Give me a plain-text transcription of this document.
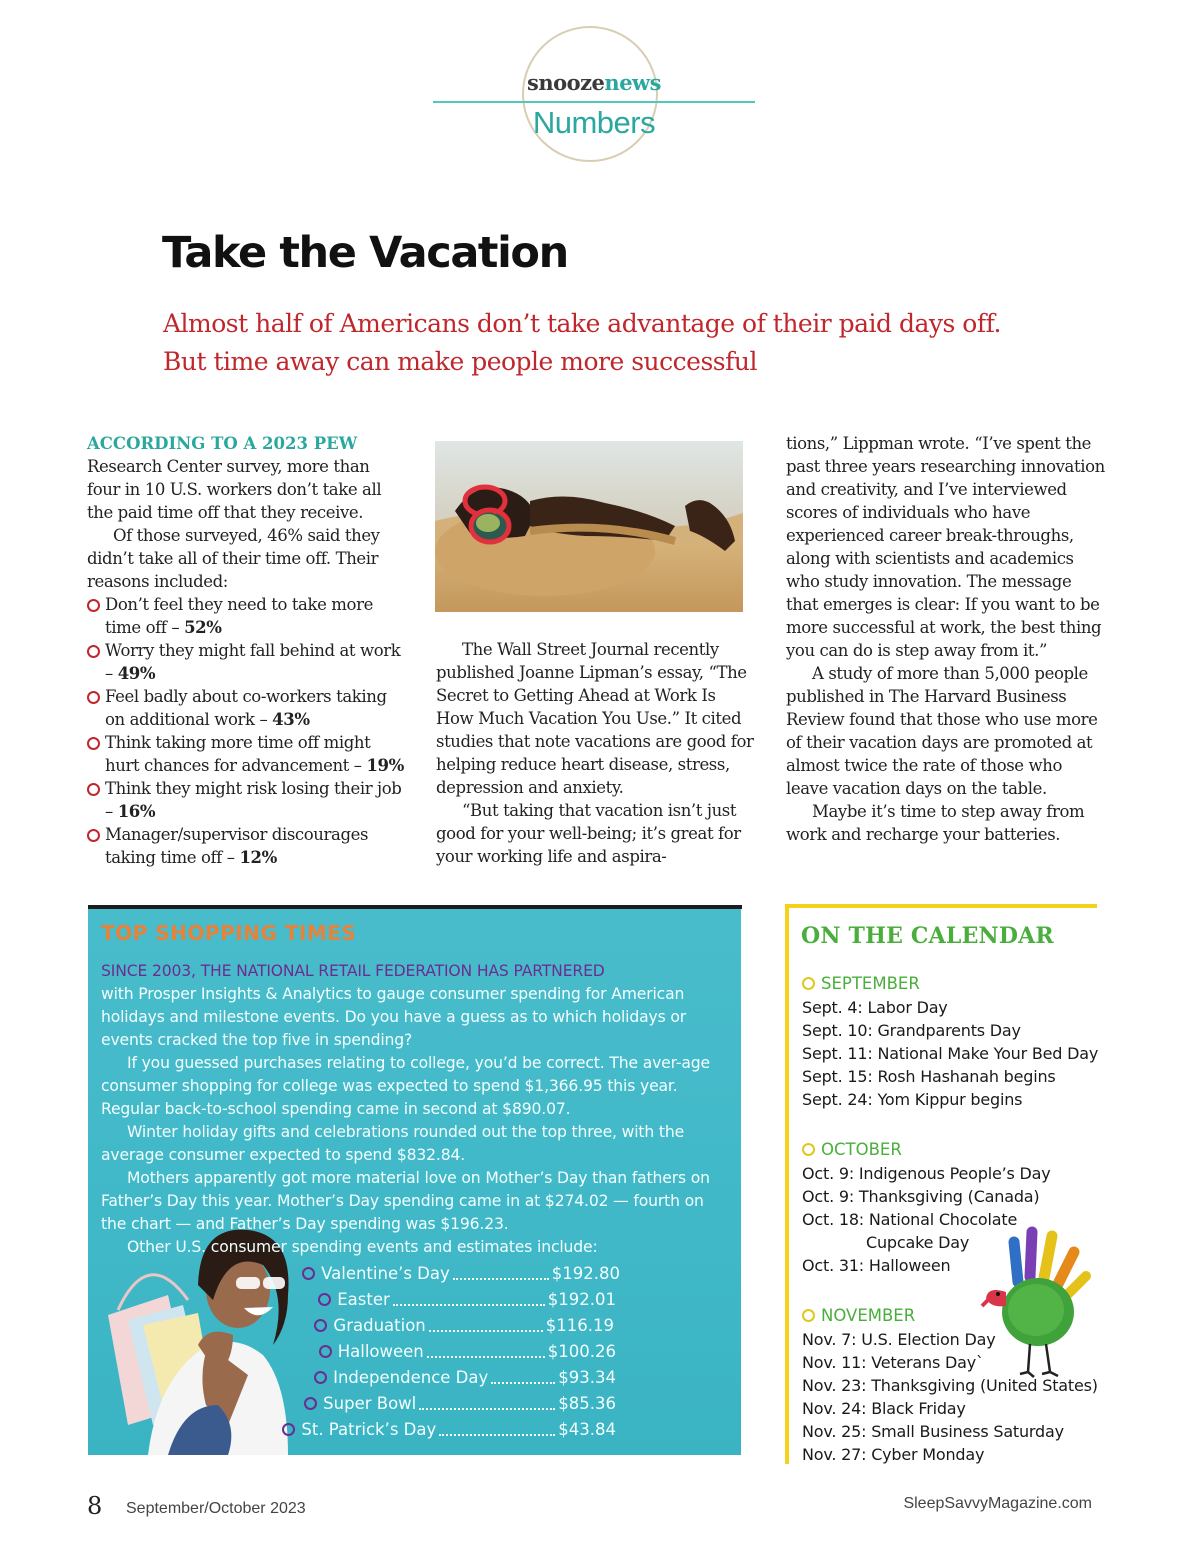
snoozenews
Numbers
Take the Vacation
Almost half of Americans don’t take advantage of their paid days off.
But time away can make people more successful

ACCORDING TO A 2023 PEW
Research Center survey, more than four in 10 U.S. workers don’t take all the paid time off that they receive.

Of those surveyed, 46% said they didn’t take all of their time off. Their reasons included:

Don’t feel they need to take more time off – 52%
Worry they might fall behind at work – 49%
Feel badly about co-workers taking on additional work – 43%
Think taking more time off might hurt chances for advancement – 19%
Think they might risk losing their job – 16%
Manager/supervisor discourages taking time off – 12%

The Wall Street Journal recently published Joanne Lipman’s essay, “The Secret to Getting Ahead at Work Is How Much Vacation You Use.” It cited studies that note vacations are good for helping reduce heart disease, stress, depression and anxiety.

“But taking that vacation isn’t just good for your well-being; it’s great for your working life and aspira-

tions,” Lippman wrote. “I’ve spent the past three years researching innovation and creativity, and I’ve interviewed scores of individuals who have experienced career break-throughs, along with scientists and academics who study innovation. The message that emerges is clear: If you want to be more successful at work, the best thing you can do is step away from it.”

A study of more than 5,000 people published in The Harvard Business Review found that those who use more of their vacation days are promoted at almost twice the rate of those who leave vacation days on the table.

Maybe it’s time to step away from work and recharge your batteries.

TOP SHOPPING TIMES

SINCE 2003, THE NATIONAL RETAIL FEDERATION HAS PARTNERED
with Prosper Insights & Analytics to gauge consumer spending for American holidays and milestone events. Do you have a guess as to which holidays or events cracked the top five in spending?

If you guessed purchases relating to college, you’d be correct. The aver-age consumer shopping for college was expected to spend $1,366.95 this year. Regular back-to-school spending came in second at $890.07.

Winter holiday gifts and celebrations rounded out the top three, with the average consumer expected to spend $832.84.

Mothers apparently got more material love on Mother’s Day than fathers on Father’s Day this year. Mother’s Day spending came in at $274.02 — fourth on the chart — and Father’s Day spending was $196.23.

Other U.S. consumer spending events and estimates include:

Valentine’s Day	$192.80
Easter	$192.01
Graduation	$116.19
Halloween	$100.26
Independence Day	$93.34
Super Bowl	$85.36
St. Patrick’s Day	$43.84
ON THE CALENDAR
SEPTEMBER
Sept. 4: Labor Day
Sept. 10: Grandparents Day
Sept. 11: National Make Your Bed Day
Sept. 15: Rosh Hashanah begins
Sept. 24: Yom Kippur begins
OCTOBER
Oct. 9: Indigenous People’s Day
Oct. 9: Thanksgiving (Canada)
Oct. 18: National Chocolate
Cupcake Day
Oct. 31: Halloween
NOVEMBER
Nov. 7: U.S. Election Day
Nov. 11: Veterans Day`
Nov. 23: Thanksgiving (United States)
Nov. 24: Black Friday
Nov. 25: Small Business Saturday
Nov. 27: Cyber Monday
8 September/October 2023	SleepSavvyMagazine.com
